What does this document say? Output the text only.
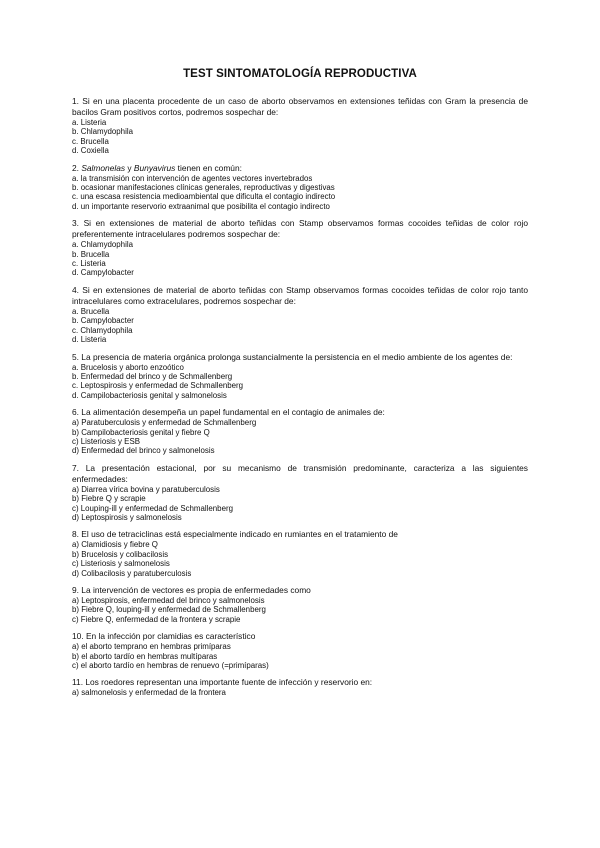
TEST SINTOMATOLOGÍA REPRODUCTIVA

1. Si en una placenta procedente de un caso de aborto observamos en extensiones teñidas con Gram la presencia de bacilos Gram positivos cortos, podremos sospechar de:

a. Listeria

b. Chlamydophila

c. Brucella

d. Coxiella

2. Salmonelas y Bunyavirus tienen en común:

a. la transmisión con intervención de agentes vectores invertebrados

b. ocasionar manifestaciones clínicas generales, reproductivas y digestivas

c. una escasa resistencia medioambiental que dificulta el contagio indirecto

d. un importante reservorio extraanimal que posibilita el contagio indirecto

3. Si en extensiones de material de aborto teñidas con Stamp observamos formas cocoides teñidas de color rojo preferentemente intracelulares podremos sospechar de:

a. Chlamydophila

b. Brucella

c. Listeria

d. Campylobacter

4. Si en extensiones de material de aborto teñidas con Stamp observamos formas cocoides teñidas de color rojo tanto intracelulares como extracelulares, podremos sospechar de:

a. Brucella

b. Campylobacter

c. Chlamydophila

d. Listeria

5. La presencia de materia orgánica prolonga sustancialmente la persistencia en el medio ambiente de los agentes de:

a. Brucelosis y aborto enzoótico

b. Enfermedad del brinco y de Schmallenberg

c. Leptospirosis y enfermedad de Schmallenberg

d. Campilobacteriosis genital y salmonelosis

6. La alimentación desempeña un papel fundamental en el contagio de animales de:

a) Paratuberculosis y enfermedad de Schmallenberg

b) Campilobacteriosis genital y fiebre Q

c) Listeriosis y ESB

d) Enfermedad del brinco y salmonelosis

7. La presentación estacional, por su mecanismo de transmisión predominante, caracteriza a las siguientes enfermedades:

a) Diarrea vírica bovina y paratuberculosis

b) Fiebre Q y scrapie

c) Louping-ill y enfermedad de Schmallenberg

d) Leptospirosis y salmonelosis

8. El uso de tetraciclinas está especialmente indicado en rumiantes en el tratamiento de

a) Clamidiosis y fiebre Q

b) Brucelosis y colibacilosis

c) Listeriosis y salmonelosis

d) Colibacilosis y paratuberculosis

9. La intervención de vectores es propia de enfermedades como

a) Leptospirosis, enfermedad del brinco y salmonelosis

b) Fiebre Q, louping-ill y enfermedad de Schmallenberg

c) Fiebre Q, enfermedad de la frontera y scrapie

10. En la infección por clamidias es característico

a) el aborto temprano en hembras primíparas

b) el aborto tardío en hembras multíparas

c) el aborto tardío en hembras de renuevo (=primíparas)

11. Los roedores representan una importante fuente de infección y reservorio en:

a) salmonelosis y enfermedad de la frontera
